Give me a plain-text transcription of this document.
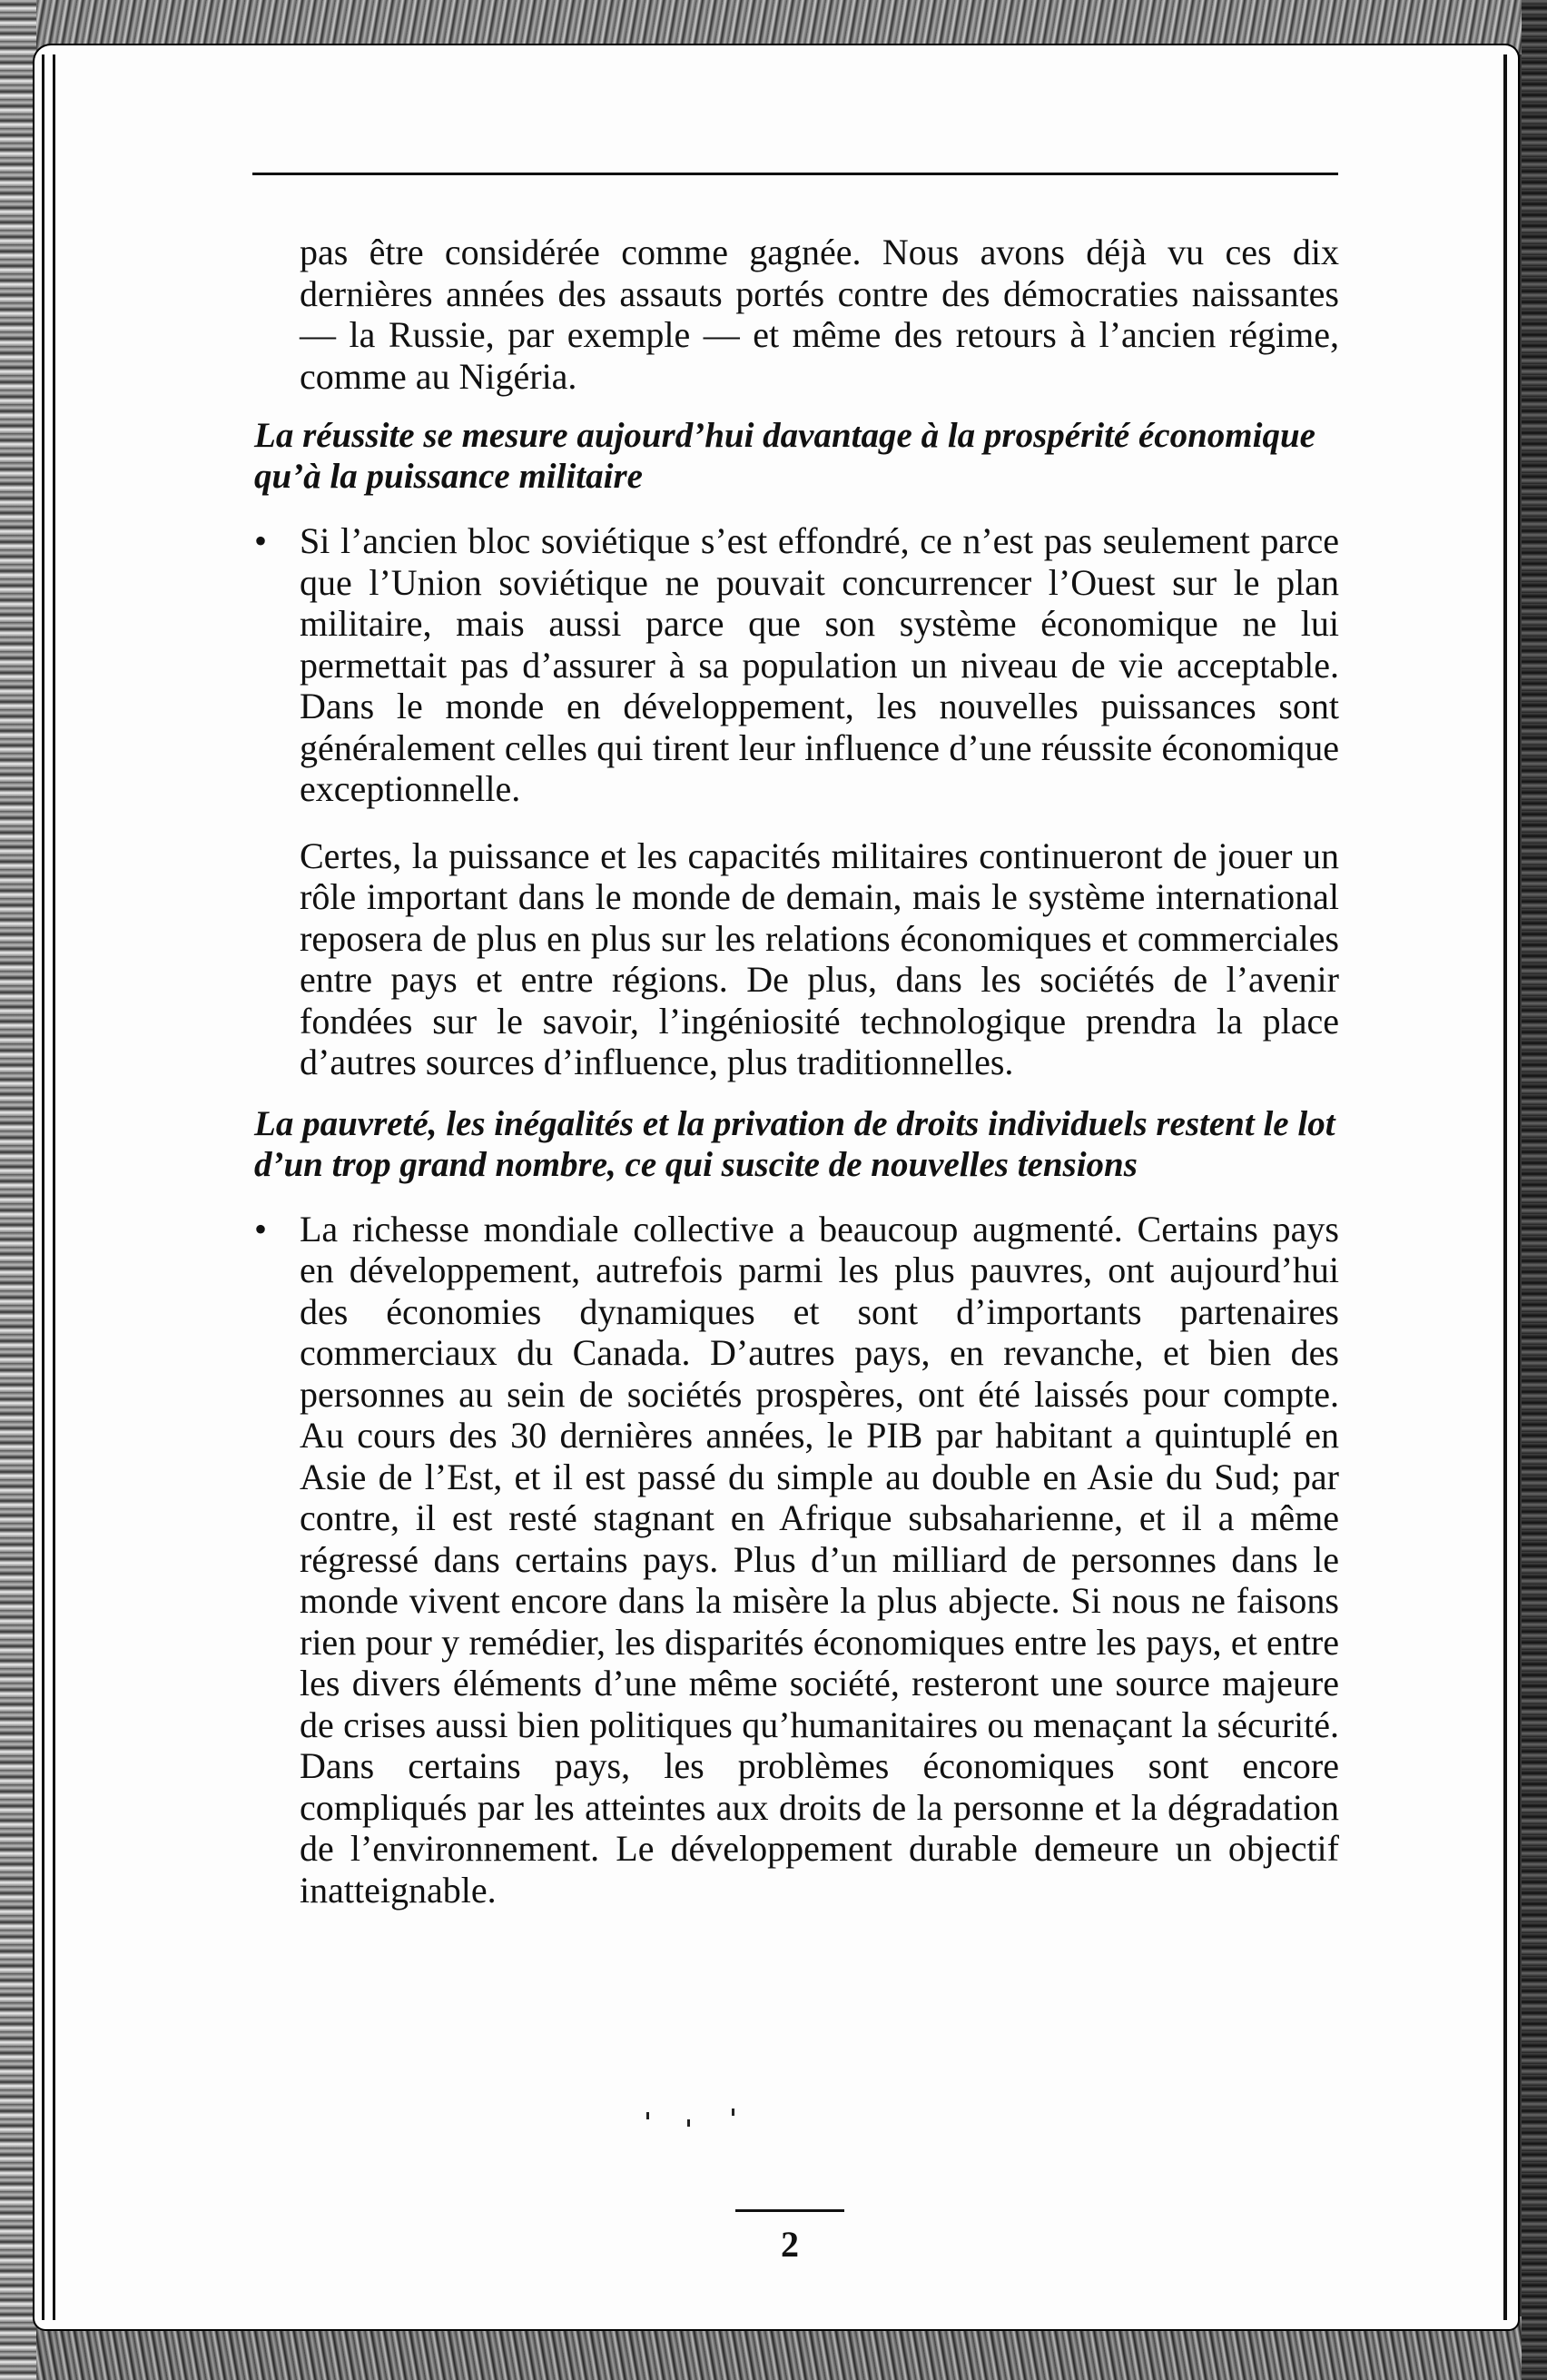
pas être considérée comme gagnée. Nous avons déjà vu ces dix dernières années des assauts portés contre des démocraties naissantes — la Russie, par exemple — et même des retours à l’ancien régime, comme au Nigéria.

La réussite se mesure aujourd’hui davantage à la prospérité économique qu’à la puissance militaire

• Si l’ancien bloc soviétique s’est effondré, ce n’est pas seulement parce que l’Union soviétique ne pouvait concurrencer l’Ouest sur le plan militaire, mais aussi parce que son système économique ne lui permettait pas d’assurer à sa population un niveau de vie acceptable. Dans le monde en développement, les nouvelles puissances sont généralement celles qui tirent leur influence d’une réussite économique exceptionnelle.

Certes, la puissance et les capacités militaires continueront de jouer un rôle important dans le monde de demain, mais le système international reposera de plus en plus sur les relations économiques et commerciales entre pays et entre régions. De plus, dans les sociétés de l’avenir fondées sur le savoir, l’ingéniosité technologique prendra la place d’autres sources d’influence, plus traditionnelles.

La pauvreté, les inégalités et la privation de droits individuels restent le lot d’un trop grand nombre, ce qui suscite de nouvelles tensions

• La richesse mondiale collective a beaucoup augmenté. Certains pays en développement, autrefois parmi les plus pauvres, ont aujourd’hui des économies dynamiques et sont d’importants partenaires commerciaux du Canada. D’autres pays, en revanche, et bien des personnes au sein de sociétés prospères, ont été laissés pour compte. Au cours des 30 dernières années, le PIB par habitant a quintuplé en Asie de l’Est, et il est passé du simple au double en Asie du Sud; par contre, il est resté stagnant en Afrique subsaharienne, et il a même régressé dans certains pays. Plus d’un milliard de personnes dans le monde vivent encore dans la misère la plus abjecte. Si nous ne faisons rien pour y remédier, les disparités économiques entre les pays, et entre les divers éléments d’une même société, resteront une source majeure de crises aussi bien politiques qu’humanitaires ou menaçant la sécurité. Dans certains pays, les problèmes économiques sont encore compliqués par les atteintes aux droits de la personne et la dégradation de l’environnement. Le développement durable demeure un objectif inatteignable.

2
